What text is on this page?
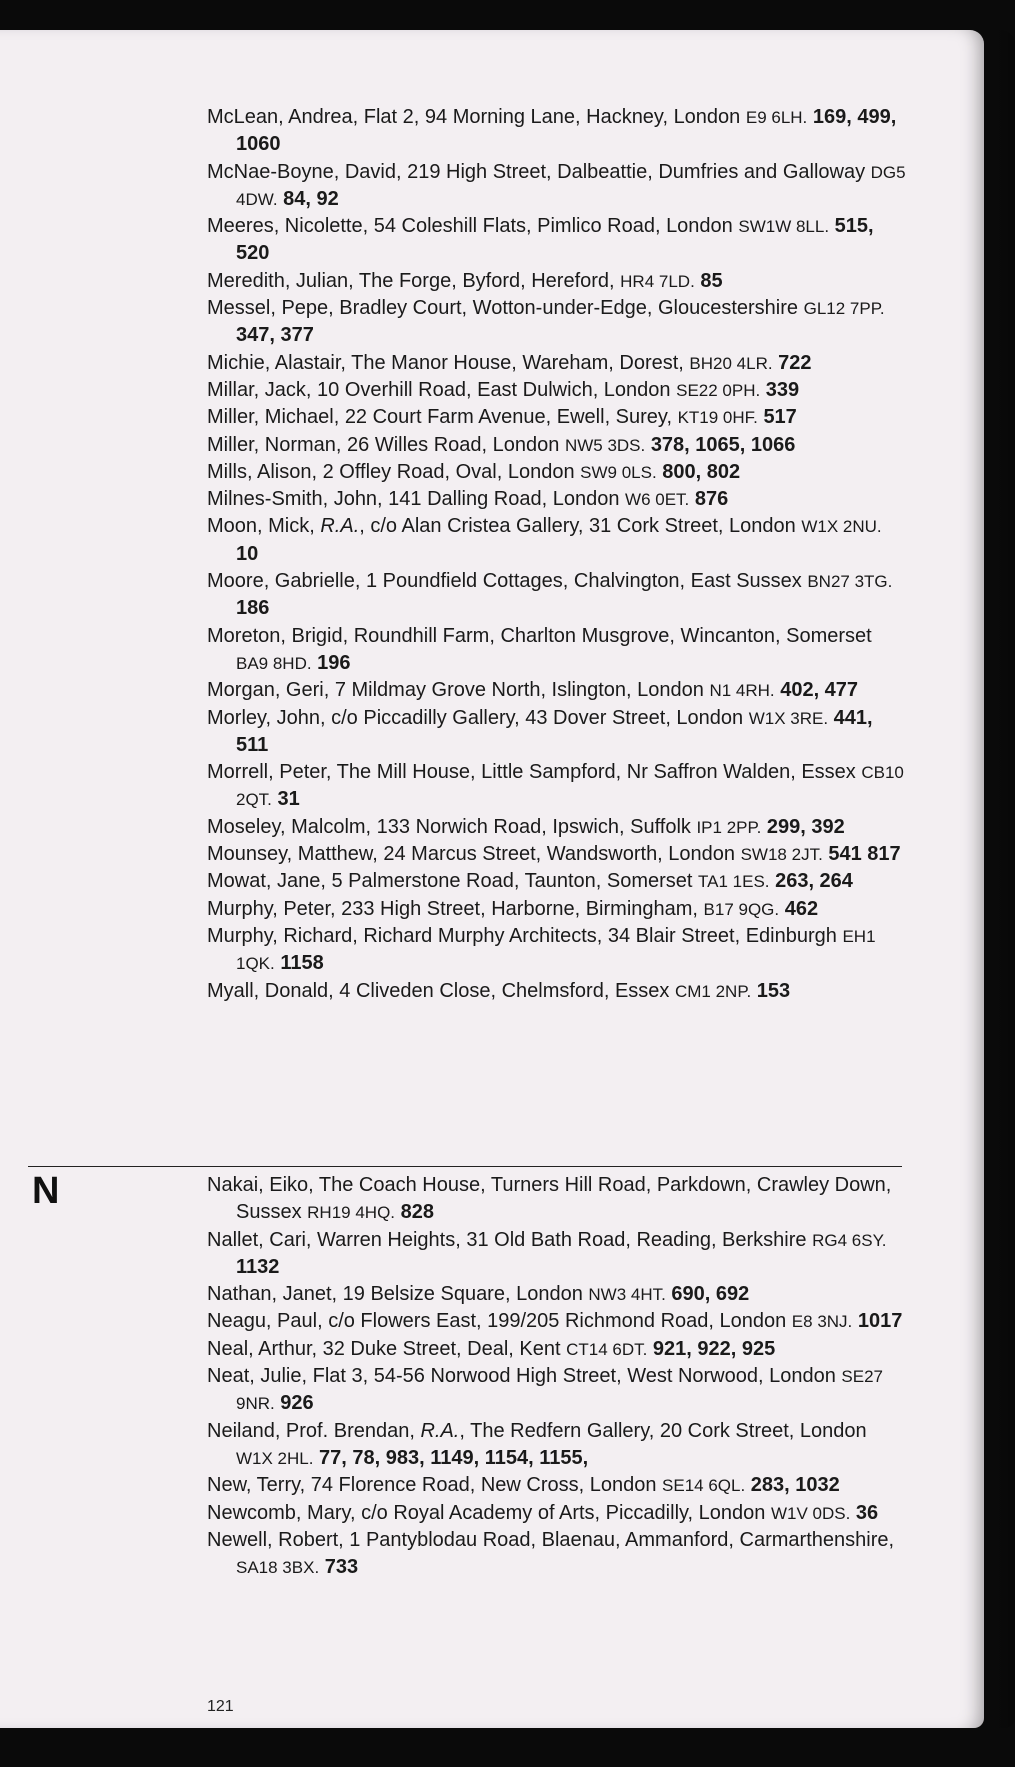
McLean, Andrea, Flat 2, 94 Morning Lane, Hackney, London E9 6LH. 169, 499, 1060

McNae-Boyne, David, 219 High Street, Dalbeattie, Dumfries and Galloway DG5 4DW. 84, 92

Meeres, Nicolette, 54 Coleshill Flats, Pimlico Road, London SW1W 8LL. 515, 520

Meredith, Julian, The Forge, Byford, Hereford, HR4 7LD. 85

Messel, Pepe, Bradley Court, Wotton-under-Edge, Gloucestershire GL12 7PP. 347, 377

Michie, Alastair, The Manor House, Wareham, Dorest, BH20 4LR. 722

Millar, Jack, 10 Overhill Road, East Dulwich, London SE22 0PH. 339

Miller, Michael, 22 Court Farm Avenue, Ewell, Surey, KT19 0HF. 517

Miller, Norman, 26 Willes Road, London NW5 3DS. 378, 1065, 1066

Mills, Alison, 2 Offley Road, Oval, London SW9 0LS. 800, 802

Milnes-Smith, John, 141 Dalling Road, London W6 0ET. 876

Moon, Mick, R.A., c/o Alan Cristea Gallery, 31 Cork Street, London W1X 2NU. 10

Moore, Gabrielle, 1 Poundfield Cottages, Chalvington, East Sussex BN27 3TG. 186

Moreton, Brigid, Roundhill Farm, Charlton Musgrove, Wincanton, Somerset BA9 8HD. 196

Morgan, Geri, 7 Mildmay Grove North, Islington, London N1 4RH. 402, 477

Morley, John, c/o Piccadilly Gallery, 43 Dover Street, London W1X 3RE. 441, 511

Morrell, Peter, The Mill House, Little Sampford, Nr Saffron Walden, Essex CB10 2QT. 31

Moseley, Malcolm, 133 Norwich Road, Ipswich, Suffolk IP1 2PP. 299, 392

Mounsey, Matthew, 24 Marcus Street, Wandsworth, London SW18 2JT. 541 817

Mowat, Jane, 5 Palmerstone Road, Taunton, Somerset TA1 1ES. 263, 264

Murphy, Peter, 233 High Street, Harborne, Birmingham, B17 9QG. 462

Murphy, Richard, Richard Murphy Architects, 34 Blair Street, Edinburgh EH1 1QK. 1158

Myall, Donald, 4 Cliveden Close, Chelmsford, Essex CM1 2NP. 153

N	Nakai, Eiko, The Coach House, Turners Hill Road, Parkdown, Crawley Down, Sussex RH19 4HQ. 828

Nallet, Cari, Warren Heights, 31 Old Bath Road, Reading, Berkshire RG4 6SY. 1132

Nathan, Janet, 19 Belsize Square, London NW3 4HT. 690, 692

Neagu, Paul, c/o Flowers East, 199/205 Richmond Road, London E8 3NJ. 1017

Neal, Arthur, 32 Duke Street, Deal, Kent CT14 6DT. 921, 922, 925

Neat, Julie, Flat 3, 54-56 Norwood High Street, West Norwood, London SE27 9NR. 926

Neiland, Prof. Brendan, R.A., The Redfern Gallery, 20 Cork Street, London W1X 2HL. 77, 78, 983, 1149, 1154, 1155,

New, Terry, 74 Florence Road, New Cross, London SE14 6QL. 283, 1032

Newcomb, Mary, c/o Royal Academy of Arts, Piccadilly, London W1V 0DS. 36

Newell, Robert, 1 Pantyblodau Road, Blaenau, Ammanford, Carmarthenshire, SA18 3BX. 733

121
